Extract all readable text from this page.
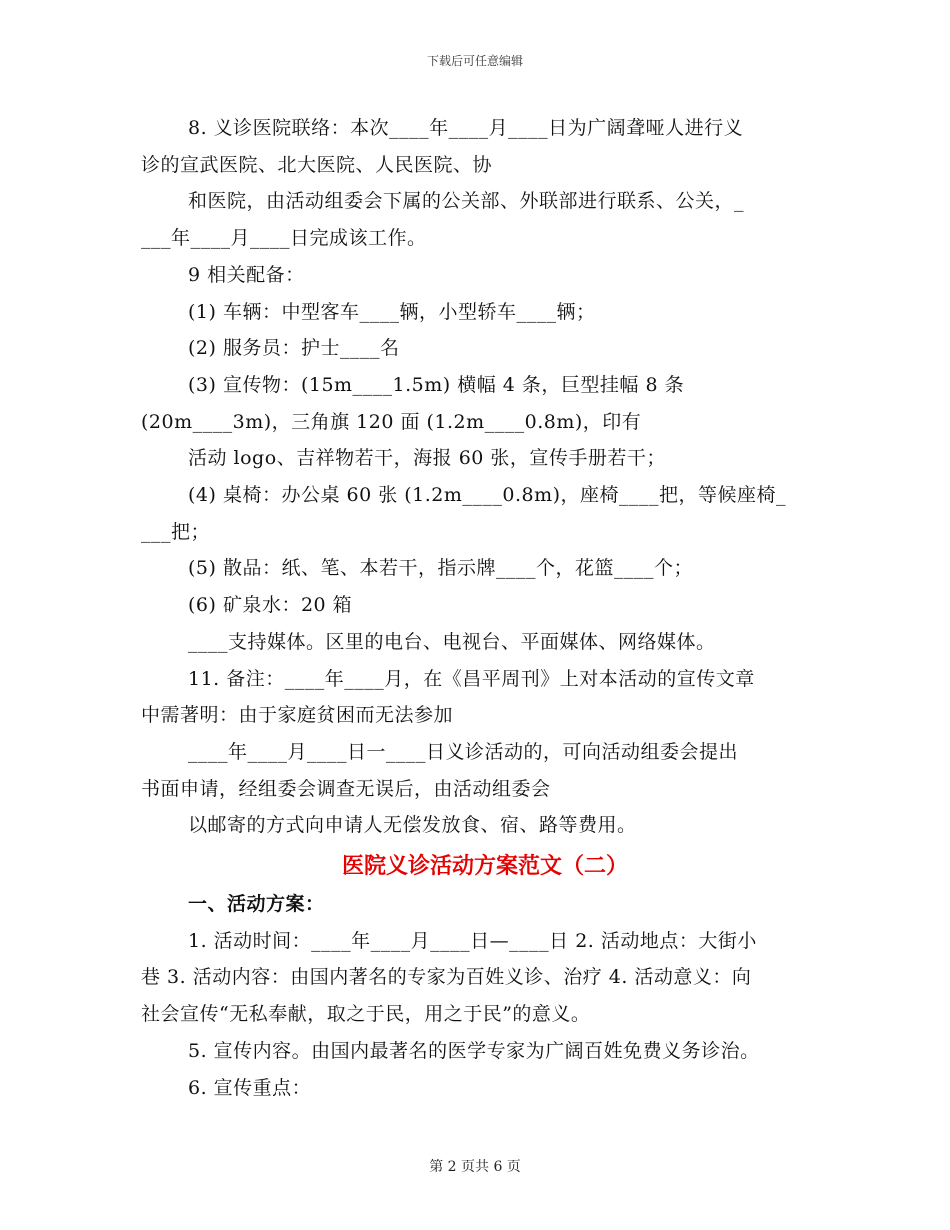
下载后可任意编辑
8. 义诊医院联络：本次____年____月____日为广阔聋哑人进行义
诊的宣武医院、北大医院、人民医院、协
和医院，由活动组委会下属的公关部、外联部进行联系、公关，_
___年____月____日完成该工作。
9 相关配备：
(1) 车辆：中型客车____辆，小型轿车____辆；
(2) 服务员：护士____名
(3) 宣传物：(15m____1.5m) 横幅 4 条，巨型挂幅 8 条
(20m____3m)，三角旗 120 面 (1.2m____0.8m)，印有
活动 logo、吉祥物若干，海报 60 张，宣传手册若干；
(4) 桌椅：办公桌 60 张 (1.2m____0.8m)，座椅____把，等候座椅_
___把；
(5) 散品：纸、笔、本若干，指示牌____个，花篮____个；
(6) 矿泉水：20 箱
____支持媒体。区里的电台、电视台、平面媒体、网络媒体。
11. 备注：____年____月，在《昌平周刊》上对本活动的宣传文章
中需著明：由于家庭贫困而无法参加
____年____月____日一____日义诊活动的，可向活动组委会提出
书面申请，经组委会调查无误后，由活动组委会
以邮寄的方式向申请人无偿发放食、宿、路等费用。
医院义诊活动方案范文（二）
一、活动方案：
1. 活动时间：____年____月____日—____日 2. 活动地点：大街小
巷 3. 活动内容：由国内著名的专家为百姓义诊、治疗 4. 活动意义：向
社会宣传“无私奉献，取之于民，用之于民”的意义。
5. 宣传内容。由国内最著名的医学专家为广阔百姓免费义务诊治。
6. 宣传重点：
第 2 页共 6 页
